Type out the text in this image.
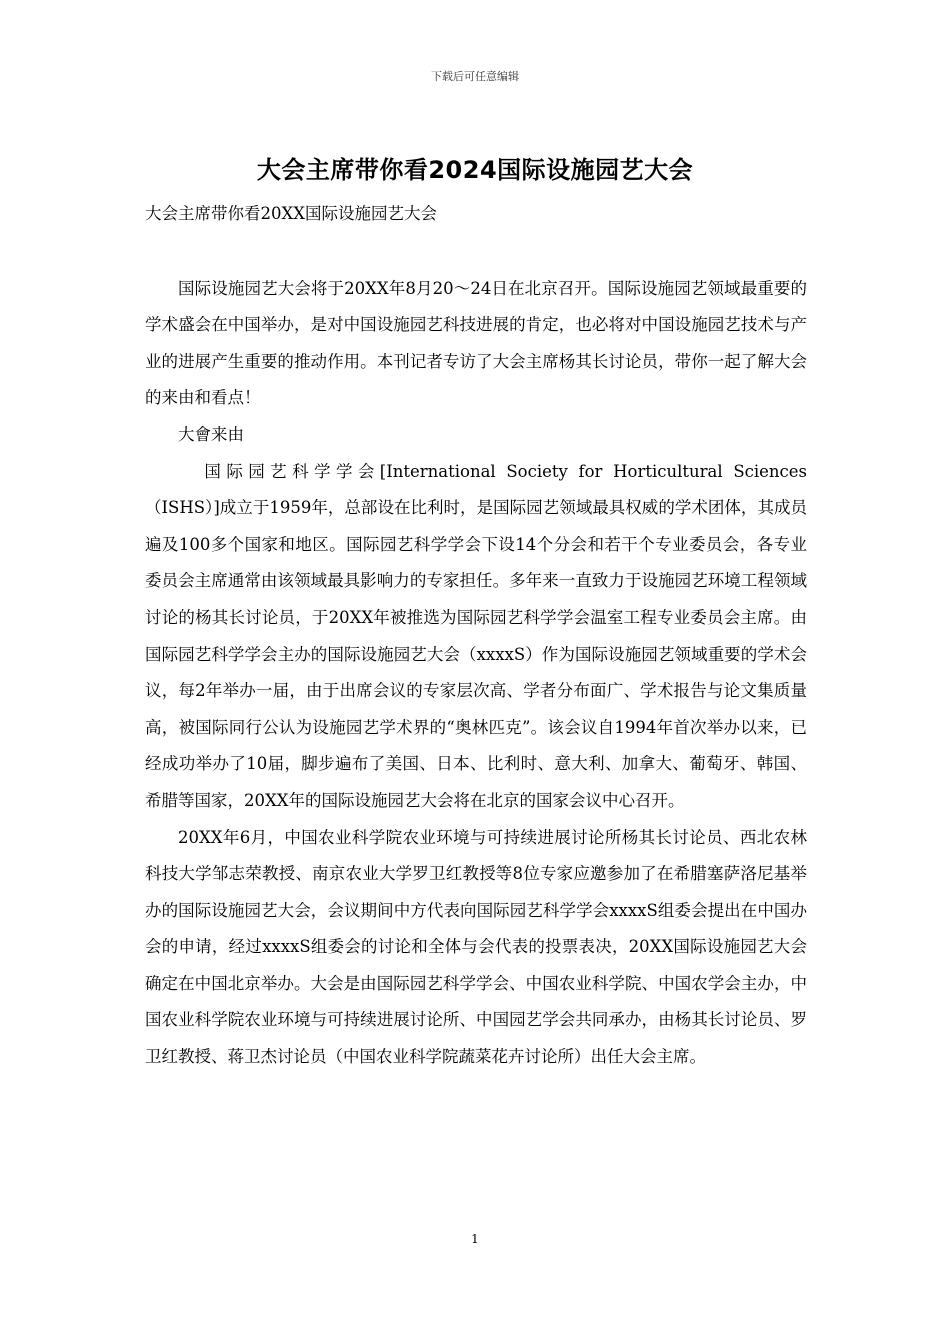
下载后可任意编辑
大会主席带你看2024国际设施园艺大会

大会主席带你看20XX国际设施园艺大会

国际设施园艺大会将于20XX年8月20～24日在北京召开。国际设施园艺领域最重要的学术盛会在中国举办，是对中国设施园艺科技进展的肯定，也必将对中国设施园艺技术与产业的进展产生重要的推动作用。本刊记者专访了大会主席杨其长讨论员，带你一起了解大会的来由和看点！

大會来由

国际园艺科学学会[International Society for Horticultural Sciences（ISHS）]成立于1959年，总部设在比利时，是国际园艺领域最具权威的学术团体，其成员遍及100多个国家和地区。国际园艺科学学会下设14个分会和若干个专业委员会，各专业委员会主席通常由该领域最具影响力的专家担任。多年来一直致力于设施园艺环境工程领域讨论的杨其长讨论员，于20XX年被推选为国际园艺科学学会温室工程专业委员会主席。由国际园艺科学学会主办的国际设施园艺大会（xxxxS）作为国际设施园艺领域重要的学术会议，每2年举办一届，由于出席会议的专家层次高、学者分布面广、学术报告与论文集质量高，被国际同行公认为设施园艺学术界的“奥林匹克”。该会议自1994年首次举办以来，已经成功举办了10届，脚步遍布了美国、日本、比利时、意大利、加拿大、葡萄牙、韩国、希腊等国家，20XX年的国际设施园艺大会将在北京的国家会议中心召开。

20XX年6月，中国农业科学院农业环境与可持续进展讨论所杨其长讨论员、西北农林科技大学邹志荣教授、南京农业大学罗卫红教授等8位专家应邀参加了在希腊塞萨洛尼基举办的国际设施园艺大会，会议期间中方代表向国际园艺科学学会xxxxS组委会提出在中国办会的申请，经过xxxxS组委会的讨论和全体与会代表的投票表决，20XX国际设施园艺大会确定在中国北京举办。大会是由国际园艺科学学会、中国农业科学院、中国农学会主办，中国农业科学院农业环境与可持续进展讨论所、中国园艺学会共同承办，由杨其长讨论员、罗卫红教授、蒋卫杰讨论员（中国农业科学院蔬菜花卉讨论所）出任大会主席。

1
